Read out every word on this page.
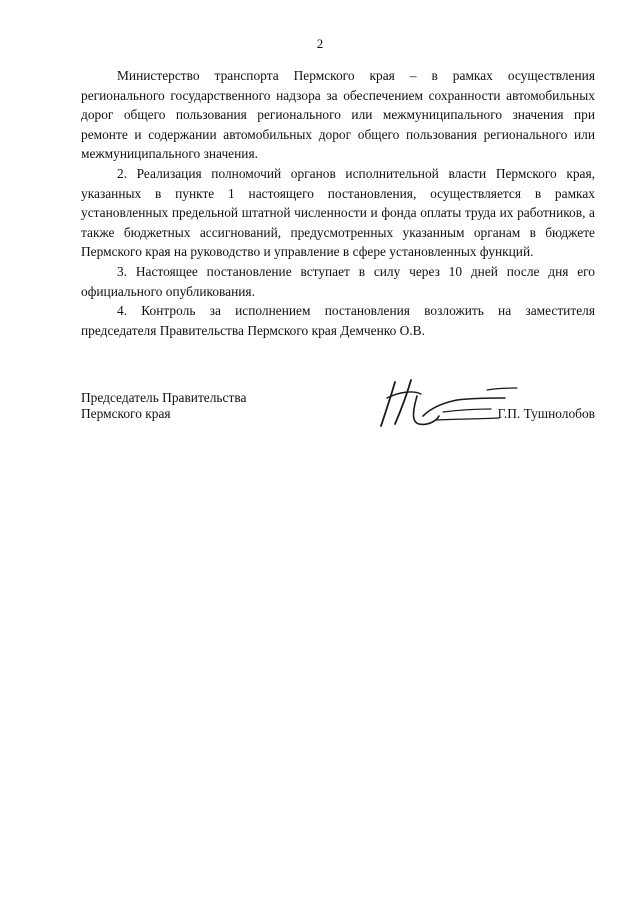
2

Министерство транспорта Пермского края – в рамках осуществления регионального государственного надзора за обеспечением сохранности автомобильных дорог общего пользования регионального или межмуниципального значения при ремонте и содержании автомобильных дорог общего пользования регионального или межмуниципального значения.

2. Реализация полномочий органов исполнительной власти Пермского края, указанных в пункте 1 настоящего постановления, осуществляется в рамках установленных предельной штатной численности и фонда оплаты труда их работников, а также бюджетных ассигнований, предусмотренных указанным органам в бюджете Пермского края на руководство и управление в сфере установленных функций.

3. Настоящее постановление вступает в силу через 10 дней после дня его официального опубликования.

4. Контроль за исполнением постановления возложить на заместителя председателя Правительства Пермского края Демченко О.В.

Председатель Правительства
Пермского края	Г.П. Тушнолобов
